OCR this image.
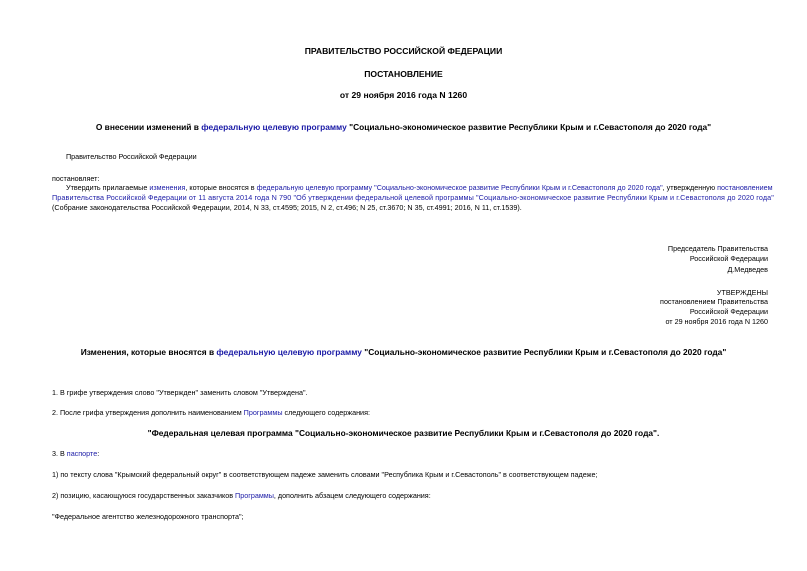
ПРАВИТЕЛЬСТВО РОССИЙСКОЙ ФЕДЕРАЦИИ
ПОСТАНОВЛЕНИЕ
от 29 ноября 2016 года N 1260
О внесении изменений в федеральную целевую программу "Социально-экономическое развитие Республики Крым и г.Севастополя до 2020 года"
Правительство Российской Федерации
постановляет:
Утвердить прилагаемые изменения, которые вносятся в федеральную целевую программу "Социально-экономическое развитие Республики Крым и г.Севастополя до 2020 года", утвержденную постановлением
Правительства Российской Федерации от 11 августа 2014 года N 790 "Об утверждении федеральной целевой программы "Социально-экономическое развитие Республики Крым и г.Севастополя до 2020 года"
(Собрание законодательства Российской Федерации, 2014, N 33, ст.4595; 2015, N 2, ст.496; N 25, ст.3670; N 35, ст.4991; 2016, N 11, ст.1539).
Председатель Правительства
Российской Федерации
Д.Медведев
УТВЕРЖДЕНЫ
постановлением Правительства
Российской Федерации
от 29 ноября 2016 года N 1260
Изменения, которые вносятся в федеральную целевую программу "Социально-экономическое развитие Республики Крым и г.Севастополя до 2020 года"
1. В грифе утверждения слово "Утвержден" заменить словом "Утверждена".
2. После грифа утверждения дополнить наименованием Программы следующего содержания:
"Федеральная целевая программа "Социально-экономическое развитие Республики Крым и г.Севастополя до 2020 года".
3. В паспорте:
1) по тексту слова "Крымский федеральный округ" в соответствующем падеже заменить словами "Республика Крым и г.Севастополь" в соответствующем падеже;
2) позицию, касающуюся государственных заказчиков Программы, дополнить абзацем следующего содержания:
"Федеральное агентство железнодорожного транспорта";
